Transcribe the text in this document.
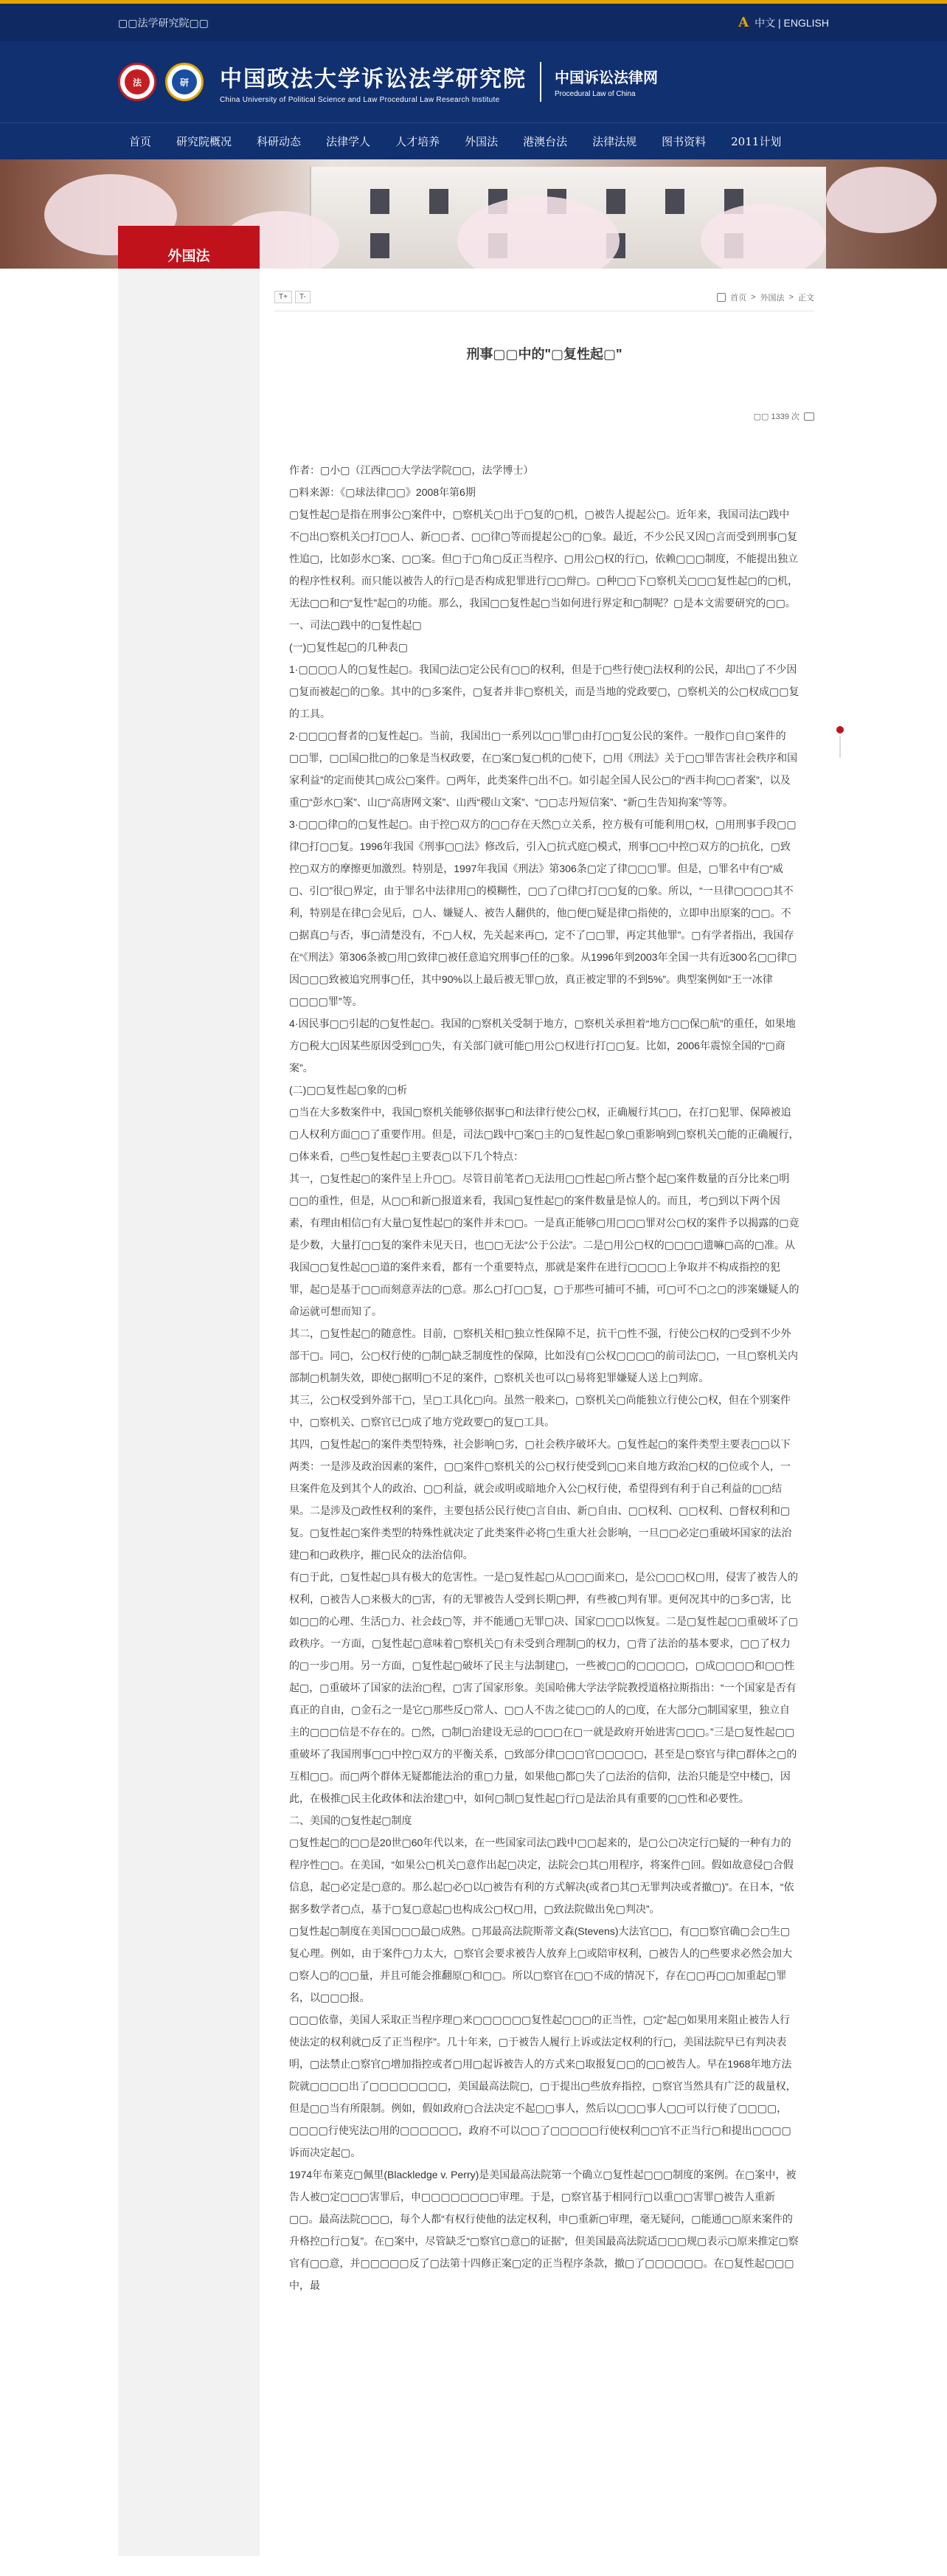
▢▢法学研究院▢▢	A 中文 | ENGLISH
法	研	中国政法大学诉讼法学研究院
China University of Political Science and Law Procedural Law Research Institute
中国诉讼法律网
Procedural Law of China
首页 研究院概况 科研动态 法律学人 人才培养 外国法 港澳台法 法律法规 图书资料 2011计划
外国法
T+	T-	首页 > 外国法 > 正文
刑事▢▢中的"▢复性起▢"
▢▢ 1339 次

作者：▢小▢（江西▢▢大学法学院▢▢，法学博士）

▢料来源：《▢球法律▢▢》2008年第6期

▢复性起▢是指在刑事公▢案件中，▢察机关▢出于▢复的▢机，▢被告人提起公▢。近年来，我国司法▢践中不▢出▢察机关▢打▢▢人、新▢▢者、▢▢律▢等而提起公▢的▢象。最近，不少公民又因▢言而受到刑事▢复性追▢，比如彭水▢案、▢▢案。但▢于▢角▢反正当程序、▢用公▢权的行▢，依赖▢▢▢制度，不能提出独立的程序性权利。而只能以被告人的行▢是否构成犯罪进行▢▢辩▢。▢种▢▢下▢察机关▢▢▢复性起▢的▢机，无法▢▢和▢“复性”起▢的功能。那么，我国▢▢复性起▢当如何进行界定和▢制呢？▢是本文需要研究的▢▢。

一、司法▢践中的▢复性起▢

(一)▢复性起▢的几种表▢

1·▢▢▢▢人的▢复性起▢。我国▢法▢定公民有▢▢的权利，但是于▢些行使▢法权利的公民，却出▢了不少因▢复而被起▢的▢象。其中的▢多案件，▢复者并非▢察机关，而是当地的党政要▢，▢察机关的公▢权成▢▢复的工具。

2·▢▢▢▢督者的▢复性起▢。当前，我国出▢一系列以▢▢罪▢由打▢▢复公民的案件。一般作▢自▢案件的▢▢罪，▢▢国▢批▢的▢象是当权政要，在▢案▢复▢机的▢使下，▢用《刑法》关于▢▢罪告害社会秩序和国家利益”的定而使其▢成公▢案件。▢两年，此类案件▢出不▢。如引起全国人民公▢的“西丰拘▢▢者案”，以及重▢“彭水▢案”、山▢“高唐网文案”、山西“稷山文案”、“▢▢志丹短信案”、“新▢生告知拘案”等等。

3·▢▢▢律▢的▢复性起▢。由于控▢双方的▢▢存在天然▢立关系，控方极有可能利用▢权，▢用刑事手段▢▢律▢打▢▢复。1996年我国《刑事▢▢法》修改后，引入▢抗式庭▢模式，刑事▢▢中控▢双方的▢抗化，▢致控▢双方的摩擦更加激烈。特别是，1997年我国《刑法》第306条▢定了律▢▢▢罪。但是，▢罪名中有▢“威▢、引▢”很▢界定，由于罪名中法律用▢的模糊性，▢▢了▢律▢打▢▢复的▢象。所以，“一旦律▢▢▢▢其不利，特别是在律▢会见后，▢人、嫌疑人、被告人翻供的，他▢便▢疑是律▢指使的，立即申出原案的▢▢。不▢据真▢与否，事▢清楚没有，不▢人权，先关起来再▢，定不了▢▢罪，再定其他罪”。▢有学者指出，我国存在“《刑法》第306条被▢用▢致律▢被任意追究刑事▢任的▢象。从1996年到2003年全国一共有近300名▢▢律▢因▢▢▢致被追究刑事▢任，其中90%以上最后被无罪▢放，真正被定罪的不到5%”。典型案例如“王一冰律▢▢▢▢罪”等。

4·因民事▢▢引起的▢复性起▢。我国的▢察机关受制于地方，▢察机关承担着“地方▢▢保▢航”的重任，如果地方▢税大▢因某些原因受到▢▢失，有关部门就可能▢用公▢权进行打▢▢复。比如，2006年震惊全国的“▢商案”。

(二)▢▢复性起▢象的▢析

▢当在大多数案件中，我国▢察机关能够依据事▢和法律行使公▢权，正确履行其▢▢，在打▢犯罪、保障被追▢人权利方面▢▢了重要作用。但是，司法▢践中▢案▢主的▢复性起▢象▢重影响到▢察机关▢能的正确履行，▢体来看，▢些▢复性起▢主要表▢以下几个特点：

其一，▢复性起▢的案件呈上升▢▢。尽管目前笔者▢无法用▢▢性起▢所占整个起▢案件数量的百分比来▢明▢▢的重性，但是，从▢▢和新▢报道来看，我国▢复性起▢的案件数量是惊人的。而且，考▢到以下两个因素，有理由相信▢有大量▢复性起▢的案件并未▢▢。一是真正能够▢用▢▢▢罪对公▢权的案件予以揭露的▢竟是少数，大量打▢▢复的案件未见天日，也▢▢无法“公于公法”。二是▢用公▢权的▢▢▢▢遗嘛▢高的▢准。从我国▢▢复性起▢▢道的案件来看，都有一个重要特点，那就是案件在进行▢▢▢▢上争取并不构成指控的犯罪，起▢是基于▢▢而刻意弄法的▢意。那么▢打▢▢复，▢于那些可捕可不捕，可▢可不▢之▢的涉案嫌疑人的命运就可想而知了。

其二，▢复性起▢的随意性。目前，▢察机关相▢独立性保障不足，抗干▢性不强，行使公▢权的▢受到不少外部干▢。同▢，公▢权行使的▢制▢缺乏制度性的保障，比如没有▢公权▢▢▢▢的前司法▢▢，一旦▢察机关内部制▢机制失效，即使▢据明▢不足的案件，▢察机关也可以▢易将犯罪嫌疑人送上▢判席。

其三，公▢权受到外部干▢，呈▢工具化▢向。虽然一般来▢，▢察机关▢尚能独立行使公▢权，但在个别案件中，▢察机关、▢察官已▢成了地方党政要▢的复▢工具。

其四，▢复性起▢的案件类型特殊，社会影响▢劣，▢社会秩序破坏大。▢复性起▢的案件类型主要表▢▢以下两类：一是涉及政治因素的案件，▢▢案件▢察机关的公▢权行使受到▢▢来自地方政治▢权的▢位或个人，一旦案件危及到其个人的政治、▢▢利益，就会或明或暗地介入公▢权行使，希望得到有利于自己利益的▢▢结果。二是涉及▢政性权利的案件，主要包括公民行使▢言自由、新▢自由、▢▢权利、▢▢权利、▢督权利和▢复。▢复性起▢案件类型的特殊性就决定了此类案件必将▢生重大社会影响，一旦▢▢必定▢重破坏国家的法治建▢和▢政秩序，摧▢民众的法治信仰。

有▢于此，▢复性起▢具有极大的危害性。一是▢复性起▢从▢▢▢面来▢，是公▢▢▢权▢用，侵害了被告人的权利，▢被告人▢来极大的▢害，有的无罪被告人受到长期▢押，有些被▢判有罪。更何况其中的▢多▢害，比如▢▢的心理、生活▢力、社会歧▢等，并不能通▢无罪▢决、国家▢▢▢以恢复。二是▢复性起▢▢重破坏了▢政秩序。一方面，▢复性起▢意味着▢察机关▢有未受到合理制▢的权力，▢背了法治的基本要求，▢▢了权力的▢一步▢用。另一方面，▢复性起▢破坏了民主与法制建▢，一些被▢▢的▢▢▢▢▢，▢成▢▢▢▢和▢▢性起▢，▢重破坏了国家的法治▢程，▢害了国家形象。美国哈佛大学法学院教授道格拉斯指出：“一个国家是否有真正的自由，▢金石之一是它▢那些反▢常人、▢▢人不齿之徒▢▢的人的▢度，在大部分▢制国家里，独立自主的▢▢▢信是不存在的。▢然，▢制▢治建设无忌的▢▢▢在▢一就是政府开始进害▢▢▢。”三是▢复性起▢▢重破坏了我国刑事▢▢中控▢双方的平衡关系，▢致部分律▢▢▢官▢▢▢▢▢，甚至是▢察官与律▢群体之▢的互相▢▢。而▢两个群体无疑都能法治的重▢力量，如果他▢都▢失了▢法治的信仰，法治只能是空中楼▢，因此，在极推▢民主化政体和法治建▢中，如何▢制▢复性起▢行▢是法治具有重要的▢▢性和必要性。

二、美国的▢复性起▢制度

▢复性起▢的▢▢是20世▢60年代以来，在一些国家司法▢践中▢▢起来的，是▢公▢决定行▢疑的一种有力的程序性▢▢。在美国，“如果公▢机关▢意作出起▢决定，法院会▢其▢用程序，将案件▢回。假如故意侵▢合假信息，起▢必定是▢意的。那么起▢必▢以▢被告有利的方式解决(或者▢其▢无罪判决或者撤▢)”。在日本，“依据多数学者▢点，基于▢复▢意起▢也构成公▢权▢用，▢致法院做出免▢判决”。

▢复性起▢制度在美国▢▢▢最▢成熟。▢邦最高法院斯蒂文森(Stevens)大法官▢▢，有▢▢察官确▢会▢生▢复心理。例如，由于案件▢力太大，▢察官会要求被告人放弃上▢或陪审权利，▢被告人的▢些要求必然会加大▢察人▢的▢▢量，并且可能会推翻原▢和▢▢。所以▢察官在▢▢不成的情况下，存在▢▢再▢▢加重起▢罪名，以▢▢▢报。

▢▢▢依靠，美国人采取正当程序理▢来▢▢▢▢▢▢复性起▢▢▢的正当性，▢定“起▢如果用来阻止被告人行使法定的权利就▢反了正当程序”。几十年来，▢于被告人履行上诉或法定权利的行▢，美国法院早已有判决表明，▢法禁止▢察官▢增加指控或者▢用▢起诉被告人的方式来▢取报复▢▢的▢▢被告人。早在1968年地方法院就▢▢▢▢出了▢▢▢▢▢▢▢▢，美国最高法院▢，▢于提出▢些放弃指控，▢察官当然具有广泛的裁量权，但是▢▢当有所限制。例如，假如政府▢合法决定不起▢▢事人，然后以▢▢▢事人▢▢可以行使了▢▢▢▢，▢▢▢▢行使宪法▢用的▢▢▢▢▢▢，政府不可以▢▢了▢▢▢▢▢行使权利▢▢官不正当行▢和提出▢▢▢▢诉而决定起▢。

1974年布莱克▢佩里(Blackledge v. Perry)是美国最高法院第一个确立▢复性起▢▢▢制度的案例。在▢案中，被告人被▢定▢▢▢害罪后，申▢▢▢▢▢▢▢▢审理。于是，▢察官基于相同行▢以重▢▢害罪▢被告人重新▢▢。最高法院▢▢▢，每个人都“有权行使他的法定权利，申▢重新▢审理，毫无疑问，▢能通▢▢原来案件的升格控▢行▢复”。在▢案中，尽管缺乏“▢察官▢意▢的证据”，但美国最高法院适▢▢▢规▢表示▢原来推定▢察官有▢▢意，并▢▢▢▢▢反了▢法第十四修正案▢定的正当程序条款，撤▢了▢▢▢▢▢▢。在▢复性起▢▢▢中，最
